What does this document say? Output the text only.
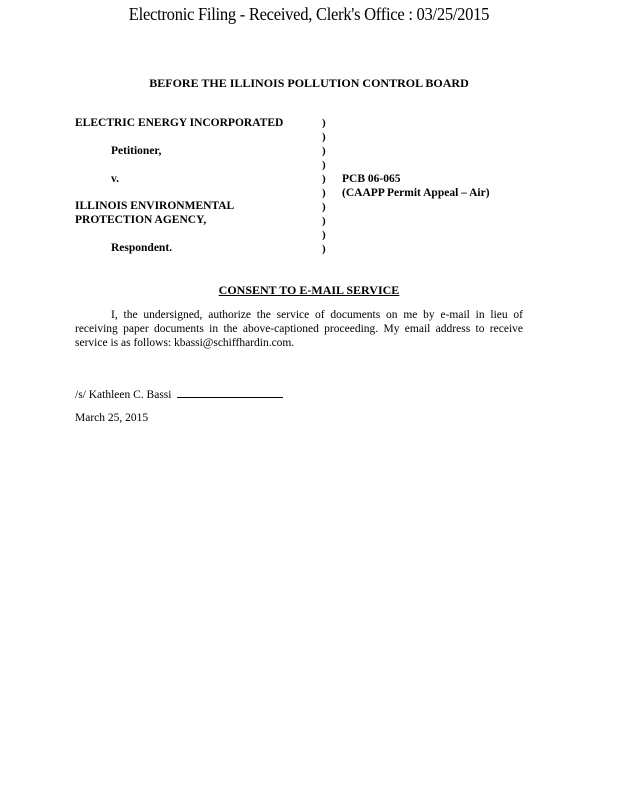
Electronic Filing - Received, Clerk's Office : 03/25/2015
BEFORE THE ILLINOIS POLLUTION CONTROL BOARD
ELECTRIC ENERGY INCORPORATED
Petitioner,
v.
ILLINOIS ENVIRONMENTAL
PROTECTION AGENCY,
Respondent.
)
)
)
)
)
)
)
)
)
)
PCB 06-065
(CAAPP Permit Appeal – Air)
CONSENT TO E-MAIL SERVICE
I, the undersigned, authorize the service of documents on me by e-mail in lieu of receiving paper documents in the above-captioned proceeding. My email address to receive service is as follows: kbassi@schiffhardin.com.
/s/ Kathleen C. Bassi
March 25, 2015
